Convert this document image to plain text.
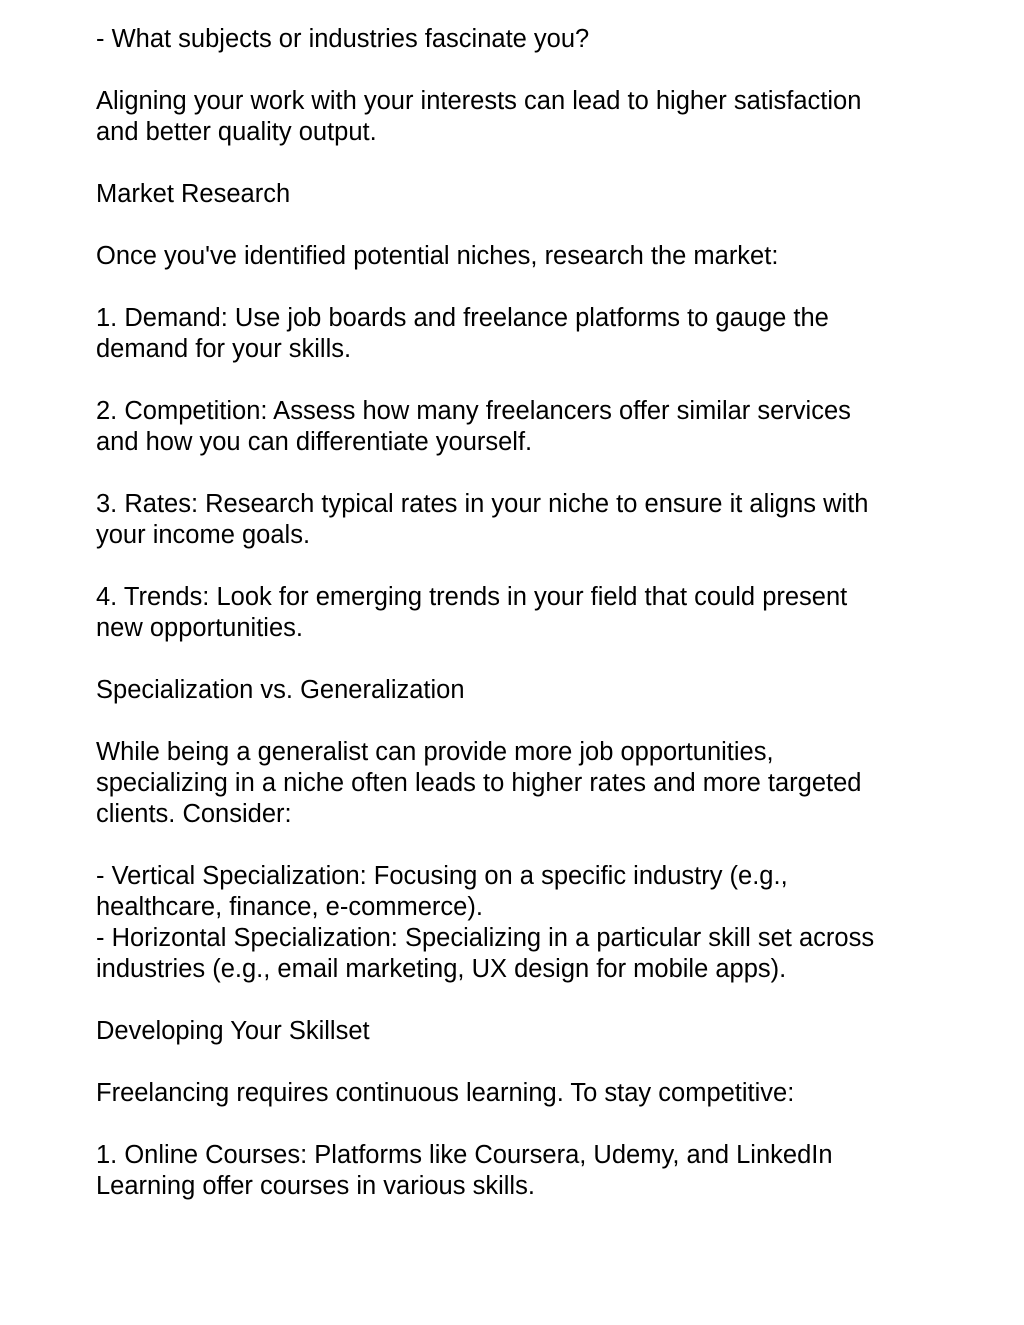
- What subjects or industries fascinate you?
Aligning your work with your interests can lead to higher satisfaction
and better quality output.
Market Research
Once you've identified potential niches, research the market:
1. Demand: Use job boards and freelance platforms to gauge the
demand for your skills.
2. Competition: Assess how many freelancers offer similar services
and how you can differentiate yourself.
3. Rates: Research typical rates in your niche to ensure it aligns with
your income goals.
4. Trends: Look for emerging trends in your field that could present
new opportunities.
Specialization vs. Generalization
While being a generalist can provide more job opportunities,
specializing in a niche often leads to higher rates and more targeted
clients. Consider:
- Vertical Specialization: Focusing on a specific industry (e.g.,
healthcare, finance, e-commerce).
- Horizontal Specialization: Specializing in a particular skill set across
industries (e.g., email marketing, UX design for mobile apps).
Developing Your Skillset
Freelancing requires continuous learning. To stay competitive:
1. Online Courses: Platforms like Coursera, Udemy, and LinkedIn
Learning offer courses in various skills.
